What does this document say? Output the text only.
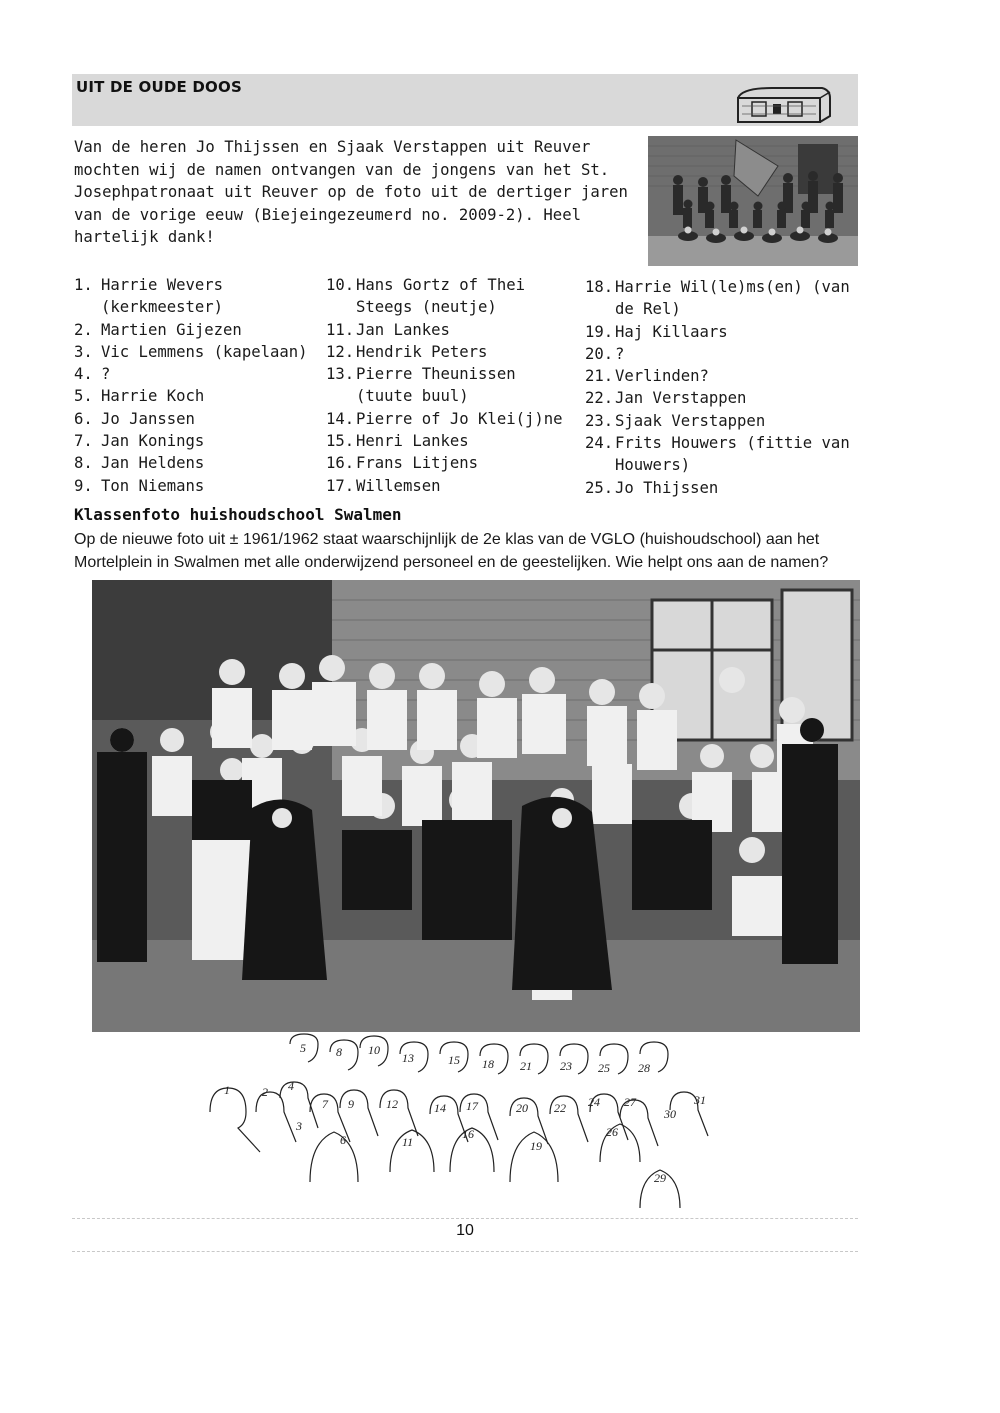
UIT DE OUDE DOOS
Van de heren Jo Thijssen en Sjaak Verstappen uit Reuver mochten wij de namen ontvangen van de jongens van het St. Josephpatronaat uit Reuver op de foto uit de dertiger jaren van de vorige eeuw (Biejeingezeumerd no. 2009-2). Heel hartelijk dank!
1. Harrie Wevers (kerkmeester)
2. Martien Gijezen
3. Vic Lemmens (kapelaan)
4. ?
5. Harrie Koch
6. Jo Janssen
7. Jan Konings
8. Jan Heldens
9. Ton Niemans
10. Hans Gortz of Thei Steegs (neutje)
11. Jan Lankes
12. Hendrik Peters
13. Pierre Theunissen (tuute buul)
14. Pierre of Jo Klei(j)ne
15. Henri Lankes
16. Frans Litjens
17. Willemsen
18. Harrie Wil(le)ms(en) (van de Rel)
19. Haj Killaars
20. ?
21. Verlinden?
22. Jan Verstappen
23. Sjaak Verstappen
24. Frits Houwers (fittie van Houwers)
25. Jo Thijssen
Klassenfoto huishoudschool Swalmen
Op de nieuwe foto uit ± 1961/1962 staat waarschijnlijk de 2e klas van de VGLO (huishoudschool) aan het Mortelplein in Swalmen met alle onderwijzend personeel en de geestelijken. Wie helpt ons aan de namen?
1	2
3
4
5
6
7
8
9
10
11
12
13
14
15
16
17
18
19
20
21
22
23
24
25
26
27
28
29
30
31
10
